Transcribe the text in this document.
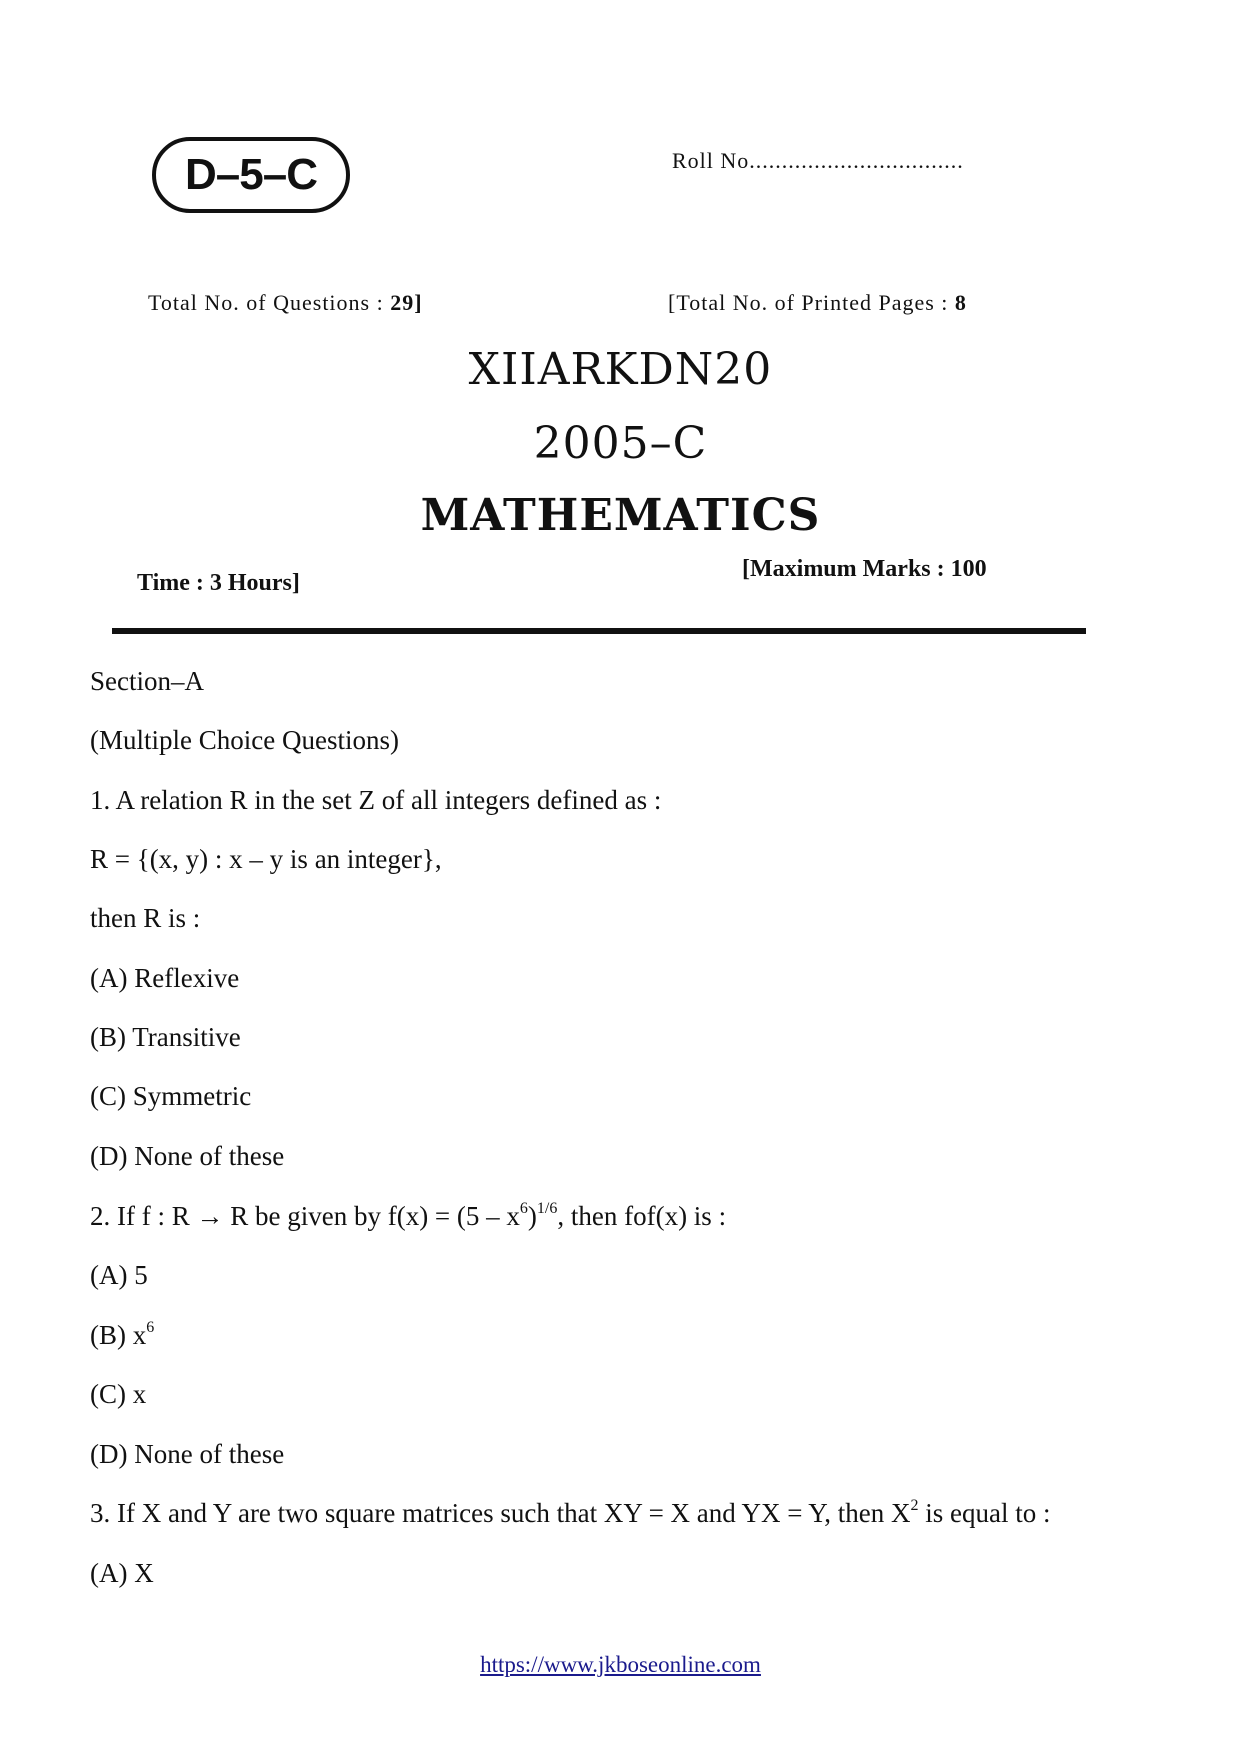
D–5–C	Roll No.................................
Total No. of Questions : 29]	[Total No. of Printed Pages : 8
XIIARKDN20
2005–C
MATHEMATICS
Time : 3 Hours]
[Maximum Marks : 100
Section–A
(Multiple Choice Questions)
1. A relation R in the set Z of all integers defined as :
R = {(x, y) : x – y is an integer},
then R is :
(A) Reflexive
(B) Transitive
(C) Symmetric
(D) None of these
2. If f : R → R be given by $f(x) = (5 - x^6)^{1/6}$, then fof(x) is :
(A) 5
(B) $x^6$
(C) x
(D) None of these
3. If X and Y are two square matrices such that XY = X and YX = Y, then $X^2$ is equal to :
(A) X
https://www.jkboseonline.com
